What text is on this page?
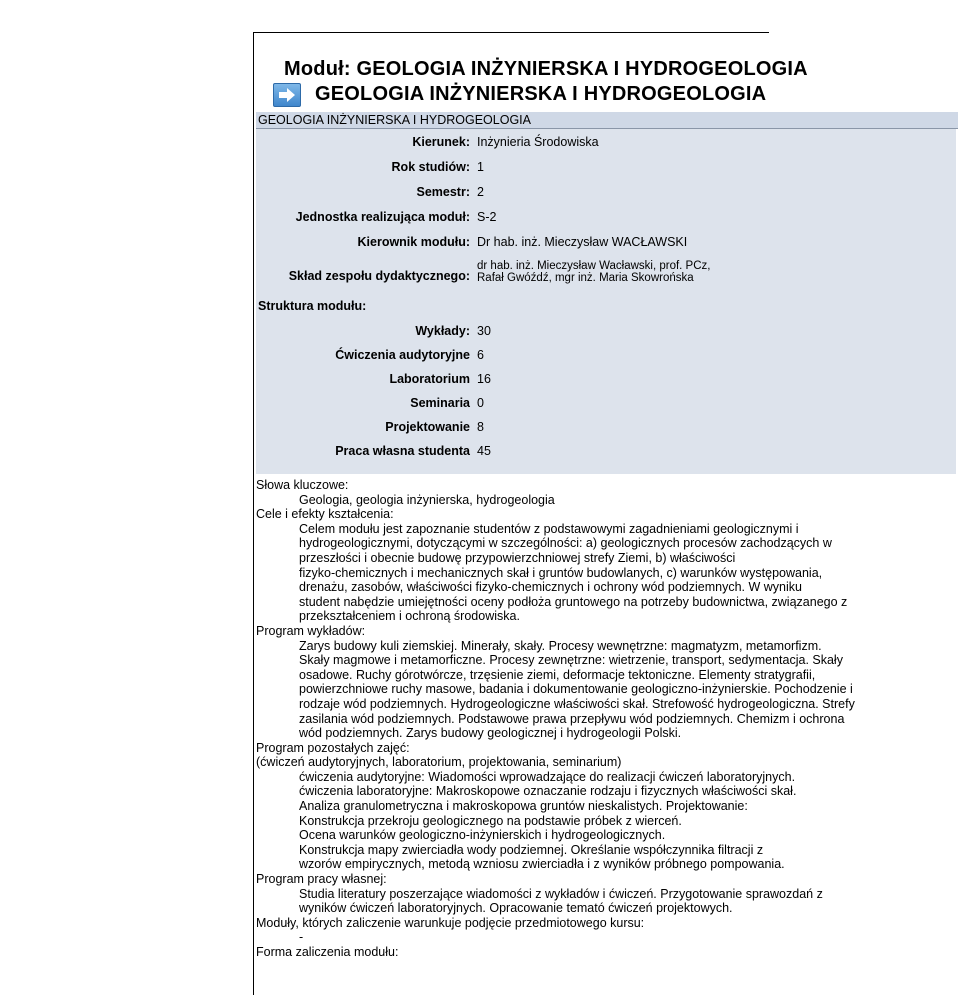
Moduł: GEOLOGIA INŻYNIERSKA I HYDROGEOLOGIA
GEOLOGIA INŻYNIERSKA I HYDROGEOLOGIA
GEOLOGIA INŻYNIERSKA I HYDROGEOLOGIA
Kierunek: Inżynieria Środowiska
Rok studiów: 1
Semestr: 2
Jednostka realizująca moduł: S-2
Kierownik modułu: Dr hab. inż. Mieczysław WACŁAWSKI
Skład zespołu dydaktycznego:
dr hab. inż. Mieczysław Wacławski, prof. PCz,
Rafał Gwóźdź, mgr inż. Maria Skowrońska
Struktura modułu:
Wykłady: 30
Ćwiczenia audytoryjne 6
Laboratorium 16
Seminaria 0
Projektowanie 8
Praca własna studenta 45

Słowa kluczowe:

Geologia, geologia inżynierska, hydrogeologia

Cele i efekty kształcenia:

Celem modułu jest zapoznanie studentów z podstawowymi zagadnieniami geologicznymi i

hydrogeologicznymi, dotyczącymi w szczególności: a) geologicznych procesów zachodzących w

przeszłości i obecnie budowę przypowierzchniowej strefy Ziemi, b) właściwości

fizyko-chemicznych i mechanicznych skał i gruntów budowlanych, c) warunków występowania,

drenażu, zasobów, właściwości fizyko-chemicznych i ochrony wód podziemnych. W wyniku

student nabędzie umiejętności oceny podłoża gruntowego na potrzeby budownictwa, związanego z

przekształceniem i ochroną środowiska.

Program wykładów:

Zarys budowy kuli ziemskiej. Minerały, skały. Procesy wewnętrzne: magmatyzm, metamorfizm.

Skały magmowe i metamorficzne. Procesy zewnętrzne: wietrzenie, transport, sedymentacja. Skały

osadowe. Ruchy górotwórcze, trzęsienie ziemi, deformacje tektoniczne. Elementy stratygrafii,

powierzchniowe ruchy masowe, badania i dokumentowanie geologiczno-inżynierskie. Pochodzenie i

rodzaje wód podziemnych. Hydrogeologiczne właściwości skał. Strefowość hydrogeologiczna. Strefy

zasilania wód podziemnych. Podstawowe prawa przepływu wód podziemnych. Chemizm i ochrona

wód podziemnych. Zarys budowy geologicznej i hydrogeologii Polski.

Program pozostałych zajęć:

(ćwiczeń audytoryjnych, laboratorium, projektowania, seminarium)

ćwiczenia audytoryjne: Wiadomości wprowadzające do realizacji ćwiczeń laboratoryjnych.

ćwiczenia laboratoryjne: Makroskopowe oznaczanie rodzaju i fizycznych właściwości skał.

Analiza granulometryczna i makroskopowa gruntów nieskalistych. Projektowanie:

Konstrukcja przekroju geologicznego na podstawie próbek z wierceń.

Ocena warunków geologiczno-inżynierskich i hydrogeologicznych.

Konstrukcja mapy zwierciadła wody podziemnej. Określanie współczynnika filtracji z

wzorów empirycznych, metodą wzniosu zwierciadła i z wyników próbnego pompowania.

Program pracy własnej:

Studia literatury poszerzające wiadomości z wykładów i ćwiczeń. Przygotowanie sprawozdań z

wyników ćwiczeń laboratoryjnych. Opracowanie temató ćwiczeń projektowych.

Moduły, których zaliczenie warunkuje podjęcie przedmiotowego kursu:

-

Forma zaliczenia modułu:
